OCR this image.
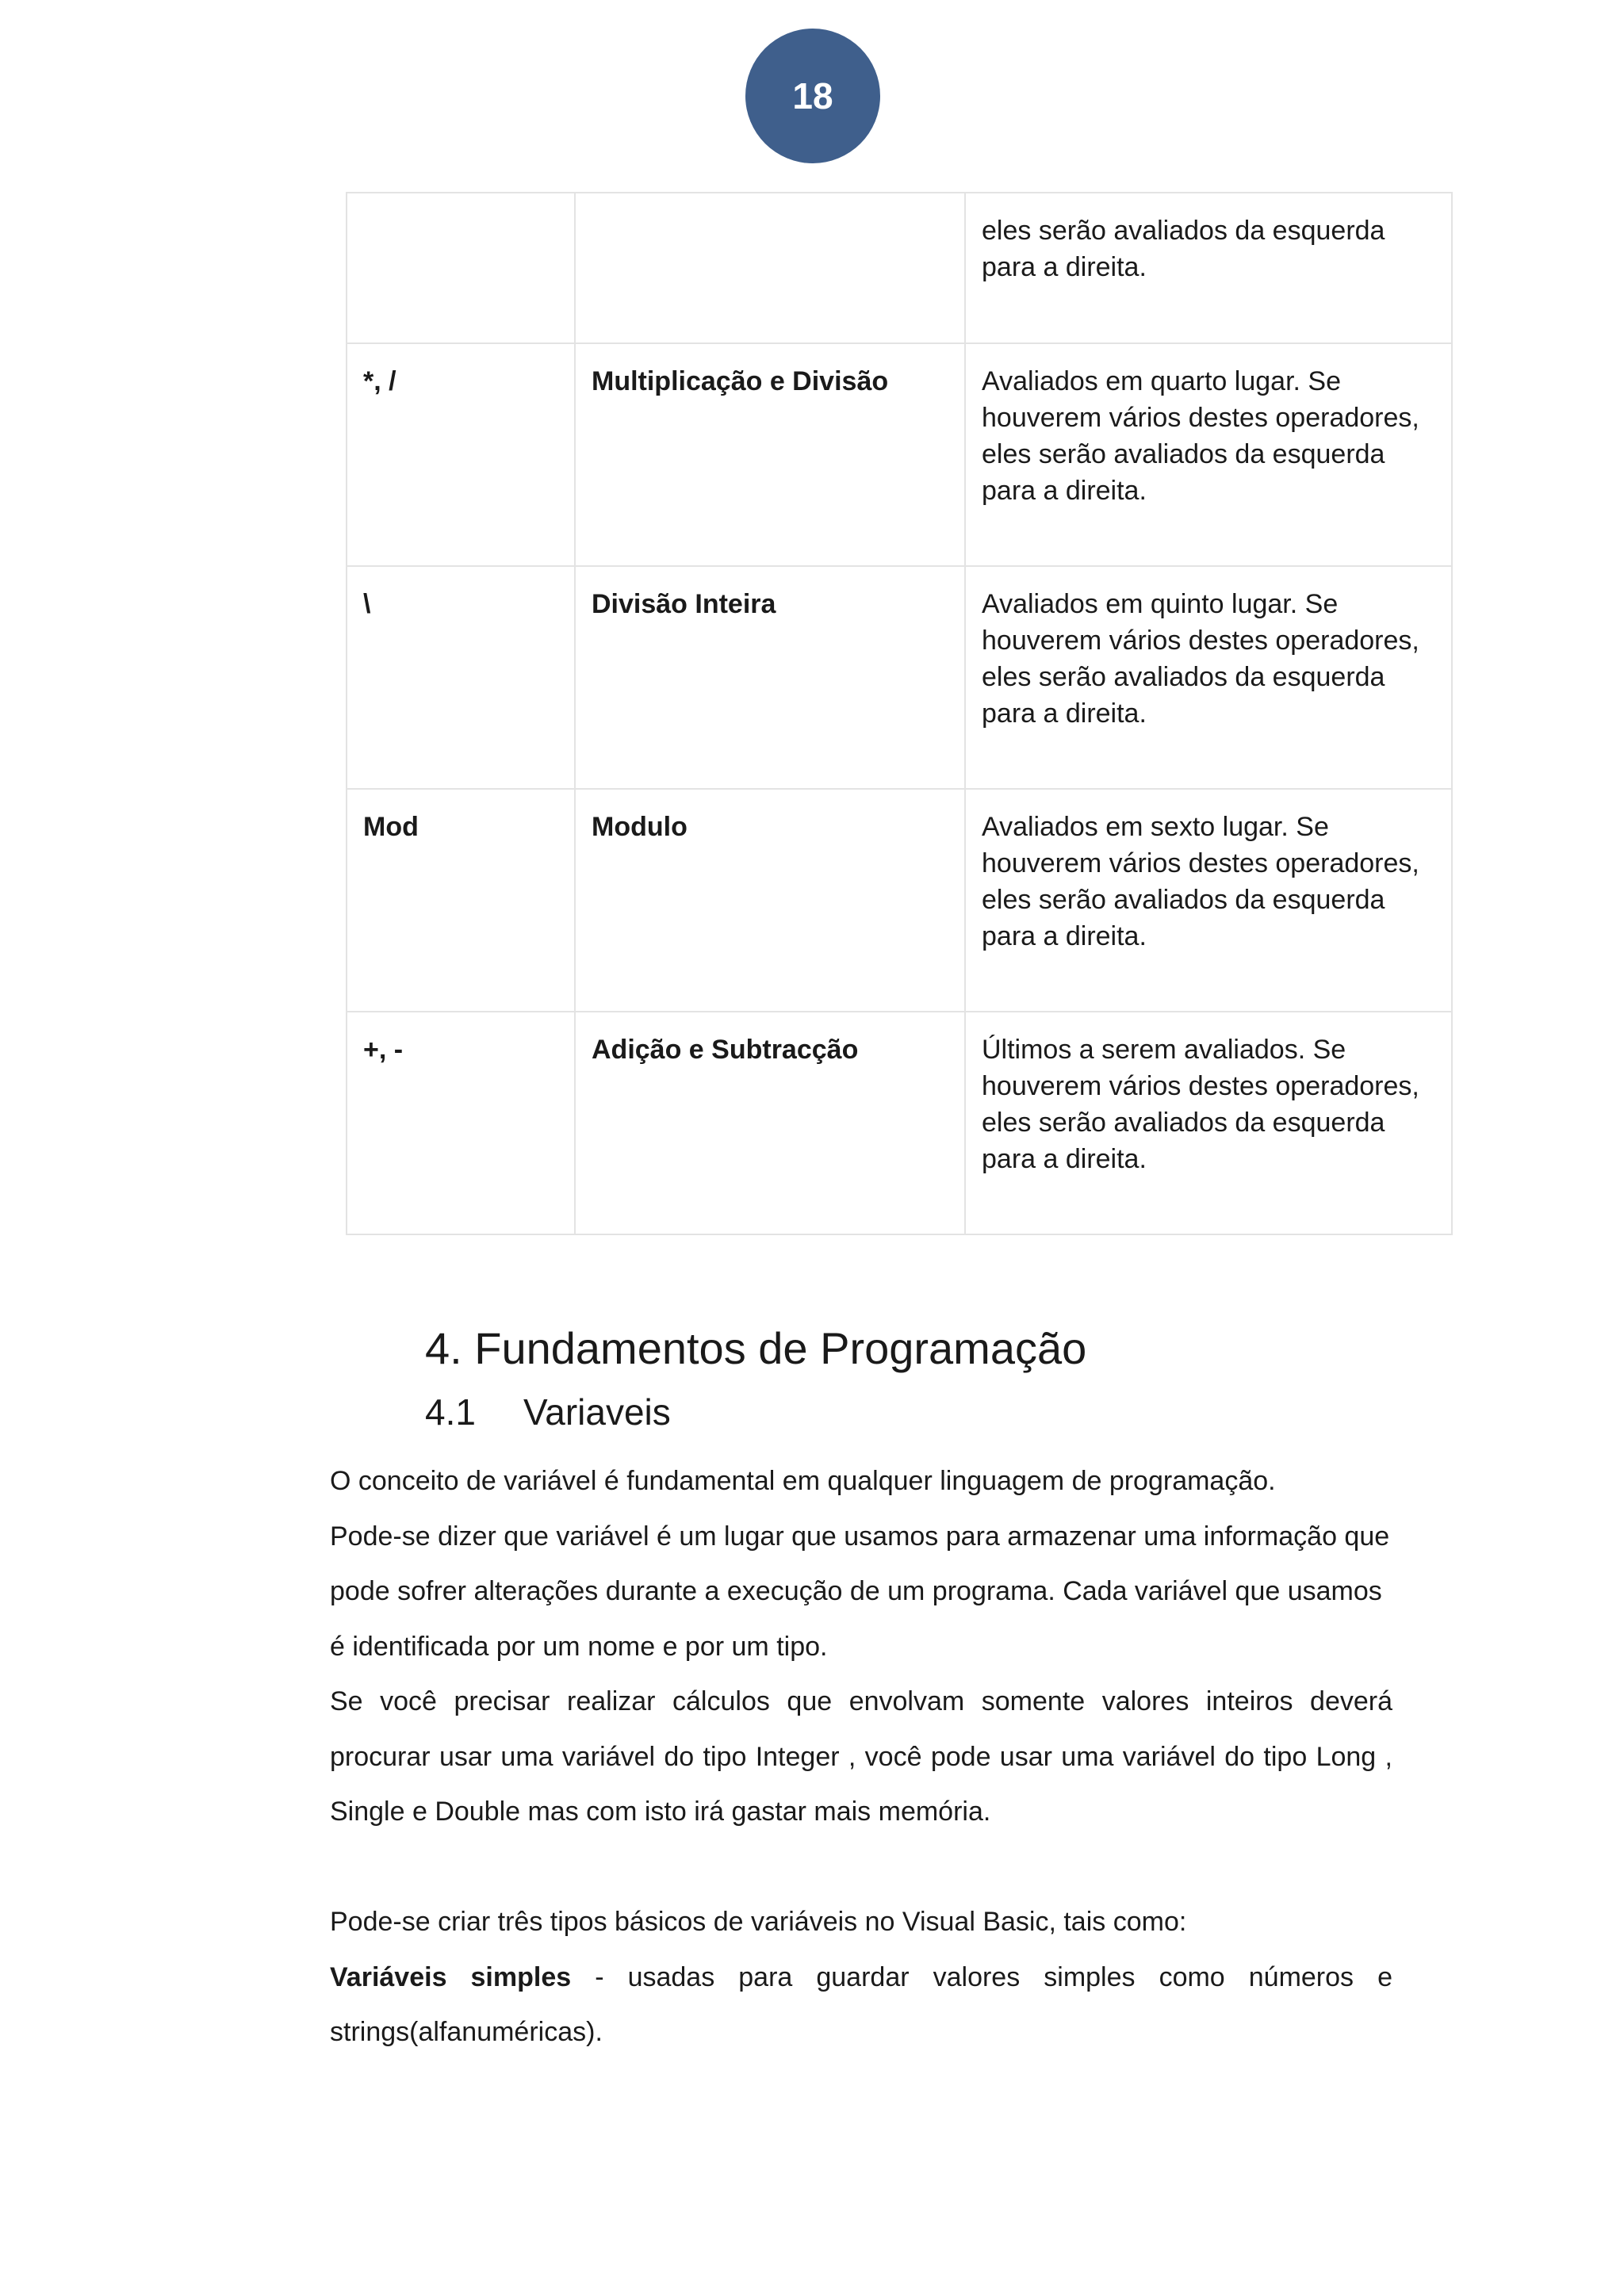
18
		eles serão avaliados da esquerda para a direita.
*, /	Multiplicação e Divisão	Avaliados em quarto lugar. Se houverem vários destes operadores, eles serão avaliados da esquerda para a direita.
\	Divisão Inteira	Avaliados em quinto lugar. Se houverem vários destes operadores, eles serão avaliados da esquerda para a direita.
Mod	Modulo	Avaliados em sexto lugar. Se houverem vários destes operadores, eles serão avaliados da esquerda para a direita.
+, -	Adição e Subtracção	Últimos a serem avaliados. Se houverem vários destes operadores, eles serão avaliados da esquerda para a direita.
4. Fundamentos de Programação
4.1 Variaveis

O conceito de variável é fundamental em qualquer linguagem de programação.

Pode-se dizer que variável é um lugar que usamos para armazenar uma informação que pode sofrer alterações durante a execução de um programa. Cada variável que usamos é identificada por um nome e por um tipo.

Se você precisar realizar cálculos que envolvam somente valores inteiros deverá procurar usar uma variável do tipo Integer , você pode usar uma variável do tipo Long , Single e Double mas com isto irá gastar mais memória.

Pode-se criar três tipos básicos de variáveis no Visual Basic, tais como:

Variáveis simples - usadas para guardar valores simples como números e strings(alfanuméricas).
